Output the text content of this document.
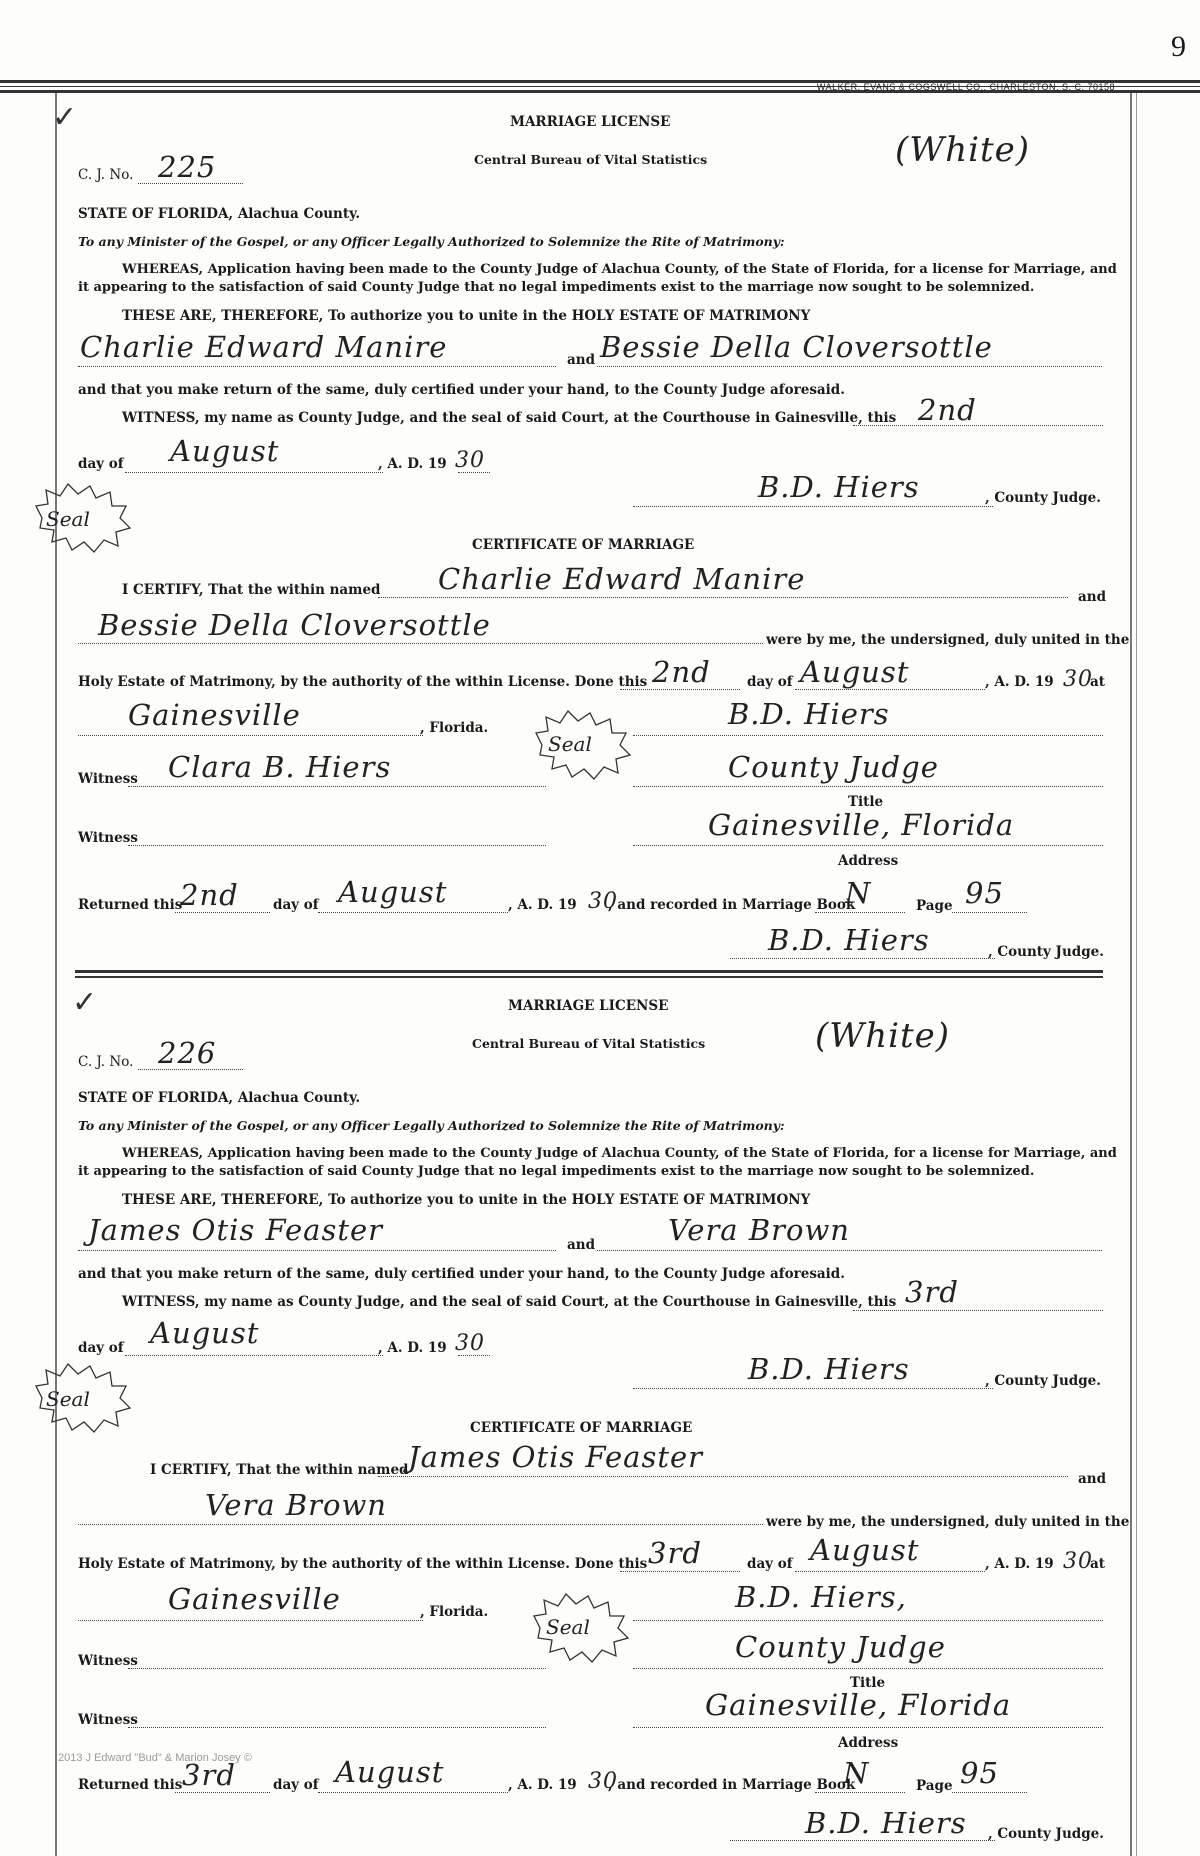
9
WALKER, EVANS & COGSWELL CO., CHARLESTON, S. C. 70158
✓	MARRIAGE LICENSE
Central Bureau of Vital Statistics	(White)
C. J. No. 225
STATE OF FLORIDA, Alachua County.
To any Minister of the Gospel, or any Officer Legally Authorized to Solemnize the Rite of Matrimony:
WHEREAS, Application having been made to the County Judge of Alachua County, of the State of Florida, for a license for Marriage, and
it appearing to the satisfaction of said County Judge that no legal impediments exist to the marriage now sought to be solemnized.
THESE ARE, THEREFORE, To authorize you to unite in the HOLY ESTATE OF MATRIMONY
Charlie Edward Manire	and Bessie Della Cloversottle
and that you make return of the same, duly certified under your hand, to the County Judge aforesaid.
WITNESS, my name as County Judge, and the seal of said Court, at the Courthouse in Gainesville, this 2nd
day of August	, A. D. 19 30
B.D. Hiers	, County Judge.
Seal
CERTIFICATE OF MARRIAGE
I CERTIFY, That the within named Charlie Edward Manire
and
Bessie Della Cloversottle	were by me, the undersigned, duly united in the
Holy Estate of Matrimony, by the authority of the within License. Done this 2nd	day of August	, A. D. 19 30
at
Gainesville	, Florida.	B.D. Hiers
Seal
Witness Clara B. Hiers	County Judge
Title
Witness	Gainesville, Florida
Address
Returned this
2nd	day of August	, A. D. 19 30
, and recorded in Marriage Book
N	Page 95
B.D. Hiers	, County Judge.
✓	MARRIAGE LICENSE
Central Bureau of Vital Statistics	(White)
C. J. No. 226
STATE OF FLORIDA, Alachua County.
To any Minister of the Gospel, or any Officer Legally Authorized to Solemnize the Rite of Matrimony:
WHEREAS, Application having been made to the County Judge of Alachua County, of the State of Florida, for a license for Marriage, and
it appearing to the satisfaction of said County Judge that no legal impediments exist to the marriage now sought to be solemnized.
THESE ARE, THEREFORE, To authorize you to unite in the HOLY ESTATE OF MATRIMONY
James Otis Feaster	and	Vera Brown
and that you make return of the same, duly certified under your hand, to the County Judge aforesaid.
WITNESS, my name as County Judge, and the seal of said Court, at the Courthouse in Gainesville, this 3rd
day of August	, A. D. 19 30
B.D. Hiers	, County Judge.
Seal
CERTIFICATE OF MARRIAGE
I CERTIFY, That the within named James Otis Feaster
and
Vera Brown	were by me, the undersigned, duly united in the
Holy Estate of Matrimony, by the authority of the within License. Done this 3rd	day of August	, A. D. 19 30
at
Gainesville	, Florida.	B.D. Hiers,
Seal
Witness	County Judge
Title
Witness	Gainesville, Florida
Address
2013 J Edward "Bud" & Marion Josey ©
Returned this 3rd	day of August	, A. D. 19 30
, and recorded in Marriage Book
N	Page 95
B.D. Hiers , County Judge.
